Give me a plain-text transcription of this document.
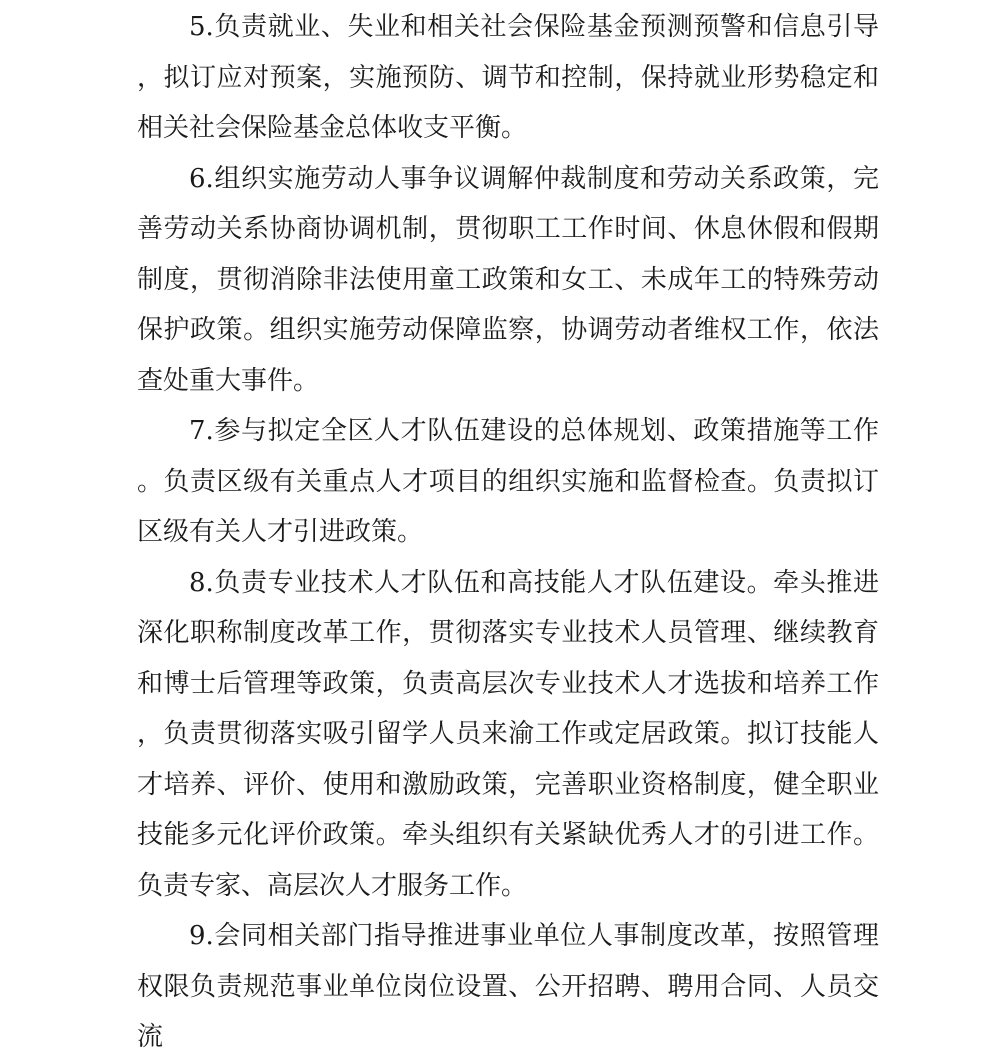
5.负责就业、失业和相关社会保险基金预测预警和信息引导，拟订应对预案，实施预防、调节和控制，保持就业形势稳定和相关社会保险基金总体收支平衡。

6.组织实施劳动人事争议调解仲裁制度和劳动关系政策，完善劳动关系协商协调机制，贯彻职工工作时间、休息休假和假期制度，贯彻消除非法使用童工政策和女工、未成年工的特殊劳动保护政策。组织实施劳动保障监察，协调劳动者维权工作，依法查处重大事件。

7.参与拟定全区人才队伍建设的总体规划、政策措施等工作。负责区级有关重点人才项目的组织实施和监督检查。负责拟订区级有关人才引进政策。

8.负责专业技术人才队伍和高技能人才队伍建设。牵头推进深化职称制度改革工作，贯彻落实专业技术人员管理、继续教育和博士后管理等政策，负责高层次专业技术人才选拔和培养工作，负责贯彻落实吸引留学人员来渝工作或定居政策。拟订技能人才培养、评价、使用和激励政策，完善职业资格制度，健全职业技能多元化评价政策。牵头组织有关紧缺优秀人才的引进工作。负责专家、高层次人才服务工作。

9.会同相关部门指导推进事业单位人事制度改革，按照管理权限负责规范事业单位岗位设置、公开招聘、聘用合同、人员交流
